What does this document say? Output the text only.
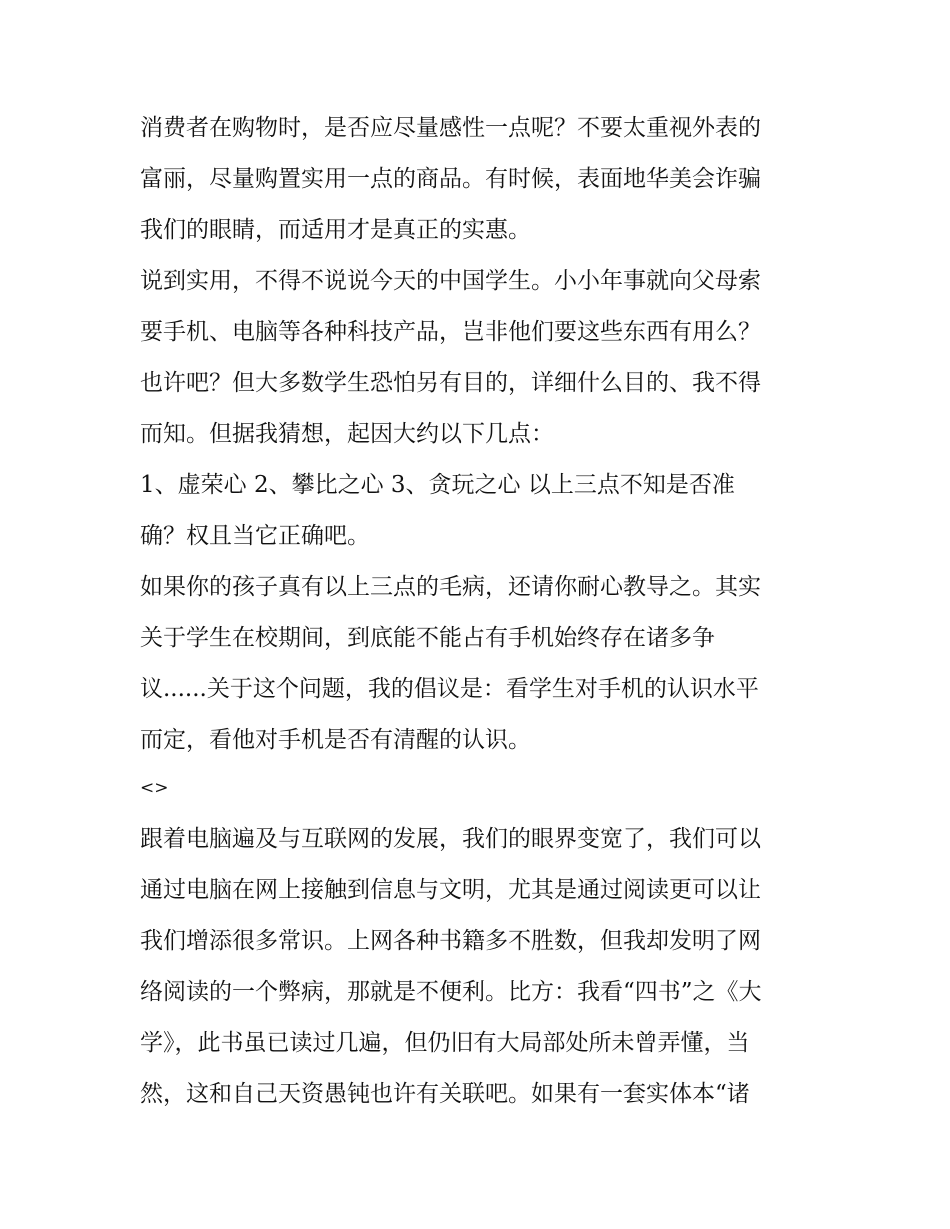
消费者在购物时，是否应尽量感性一点呢？不要太重视外表的

富丽，尽量购置实用一点的商品。有时候，表面地华美会诈骗

我们的眼睛，而适用才是真正的实惠。

说到实用，不得不说说今天的中国学生。小小年事就向父母索

要手机、电脑等各种科技产品，岂非他们要这些东西有用么？

也许吧？但大多数学生恐怕另有目的，详细什么目的、我不得

而知。但据我猜想，起因大约以下几点：

1、虚荣心 2、攀比之心 3、贪玩之心 以上三点不知是否准

确？权且当它正确吧。

如果你的孩子真有以上三点的毛病，还请你耐心教导之。其实

关于学生在校期间，到底能不能占有手机始终存在诸多争

议......关于这个问题，我的倡议是：看学生对手机的认识水平

而定，看他对手机是否有清醒的认识。

<>

跟着电脑遍及与互联网的发展，我们的眼界变宽了，我们可以

通过电脑在网上接触到信息与文明，尤其是通过阅读更可以让

我们增添很多常识。上网各种书籍多不胜数，但我却发明了网

络阅读的一个弊病，那就是不便利。比方：我看“四书”之《大

学》，此书虽已读过几遍，但仍旧有大局部处所未曾弄懂，当

然，这和自己天资愚钝也许有关联吧。如果有一套实体本“诸
